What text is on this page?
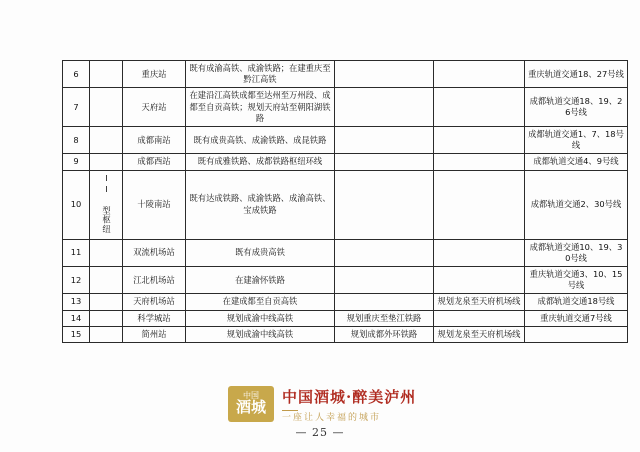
6		重庆站	既有成渝高铁、成渝铁路；在建重庆至黔江高铁			重庆轨道交通18、27号线
7		天府站	在建沿江高铁成都至达州至万州段、成都至自贡高铁；规划天府站至朝阳湖铁路			成都轨道交通18、19、26号线
8		成都南站	既有成贵高铁、成渝铁路、成昆铁路			成都轨道交通1、7、18号线
9		成都西站	既有成雅铁路、成都铁路枢纽环线			成都轨道交通4、9号线
10	II 型枢纽	十陵南站	既有达成铁路、成渝铁路、成渝高铁、宝成铁路			成都轨道交通2、30号线
11		双流机场站	既有成贵高铁			成都轨道交通10、19、30号线
12		江北机场站	在建渝怀铁路			重庆轨道交通3、10、15号线
13		天府机场站	在建成都至自贡高铁		规划龙泉至天府机场线	成都轨道交通18号线
14		科学城站	规划成渝中线高铁	规划重庆至垫江铁路		重庆轨道交通7号线
15		简州站	规划成渝中线高铁	规划成都外环铁路	规划龙泉至天府机场线	
中国
酒城
中国酒城·醉美泸州
一座让人幸福的城市
— 25 —
